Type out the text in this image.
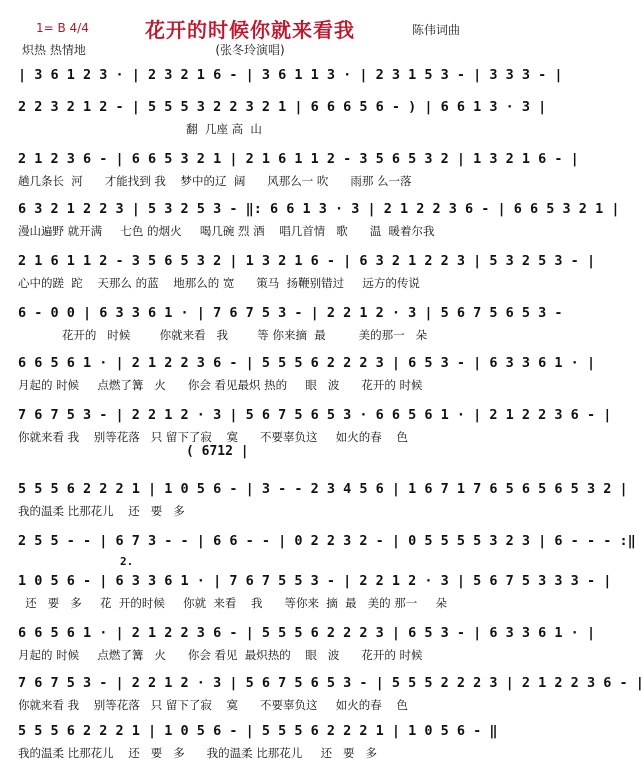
花开的时候你就来看我
1= B 4/4
炽热 热情地	(张冬玲演唱)
陈伟词曲
| 3 6 1 2 3 · | 2 3 2 1 6 - | 3 6 1 1 3 · | 2 3 1 5 3 - | 3 3 3 - |
2 2 3 2 1 2 - | 5 5 5 3 2 2 3 2 1 | 6 6 6 5 6 - ) | 6 6 1 3 · 3 |
翻  几座 高  山
2 1 2 3 6 - | 6 6 5 3 2 1 | 2 1 6 1 1 2 - 3 5 6 5 3 2 | 1 3 2 1 6 - |
趟几条长  河      才能找到 我    梦中的辽  阔      风那么一 吹      雨那 么一落
6 3 2 1 2 2 3 | 5 3 2 5 3 - ‖: 6 6 1 3 · 3 | 2 1 2 2 3 6 - | 6 6 5 3 2 1 |
漫山遍野 就开满     七色 的烟火     喝几碗 烈 酒    唱几首情   歌      温  暖着尔我
2 1 6 1 1 2 - 3 5 6 5 3 2 | 1 3 2 1 6 - | 6 3 2 1 2 2 3 | 5 3 2 5 3 - |
心中的蹉  跎    天那么 的蓝    地那么的 宽      策马  扬鞭别错过     远方的传说
6 - 0 0 | 6 3 3 6 1 · | 7 6 7 5 3 - | 2 2 1 2 · 3 | 5 6 7 5 6 5 3 -
花开的   时候        你就来看   我        等 你来摘  最         美的那一   朵
6 6 5 6 1 · | 2 1 2 2 3 6 - | 5 5 5 6 2 2 2 3 | 6 5 3 - | 6 3 3 6 1 · |
月起的 时候     点燃了篝   火      你会 看见最炽 热的     眼   波      花开的 时候
7 6 7 5 3 - | 2 2 1 2 · 3 | 5 6 7 5 6 5 3 · 6 6 5 6 1 · | 2 1 2 2 3 6 - |
你就来看 我    别等花落   只 留下了寂    寞      不要辜负这     如火的春    色
( 6712 |
5 5 5 6 2 2 2 1 | 1 0 5 6 - | 3 - - 2 3 4 5 6 | 1 6 7 1 7 6 5 6 5 6 5 3 2 |
我的温柔 比那花儿    还   要   多
2 5 5 - - | 6 7 3 - - | 6 6 - - | 0 2 2 3 2 - | 0 5 5 5 5 3 2 3 | 6 - - - :‖
2.
1 0 5 6 - | 6 3 3 6 1 · | 7 6 7 5 5 3 - | 2 2 1 2 · 3 | 5 6 7 5 3 3 3 - |
还   要   多     花  开的时候     你就  来看    我      等你来  摘  最   美的 那一     朵
6 6 5 6 1 · | 2 1 2 2 3 6 - | 5 5 5 6 2 2 2 3 | 6 5 3 - | 6 3 3 6 1 · |
月起的 时候     点燃了篝   火      你会 看见  最炽热的    眼   波      花开的 时候
7 6 7 5 3 - | 2 2 1 2 · 3 | 5 6 7 5 6 5 3 - | 5 5 5 2 2 2 3 | 2 1 2 2 3 6 - |
你就来看 我    别等花落   只 留下了寂    寞      不要辜负这     如火的春    色
5 5 5 6 2 2 2 1 | 1 0 5 6 - | 5 5 5 6 2 2 2 1 | 1 0 5 6 - ‖
我的温柔 比那花儿    还   要   多      我的温柔 比那花儿     还   要   多
